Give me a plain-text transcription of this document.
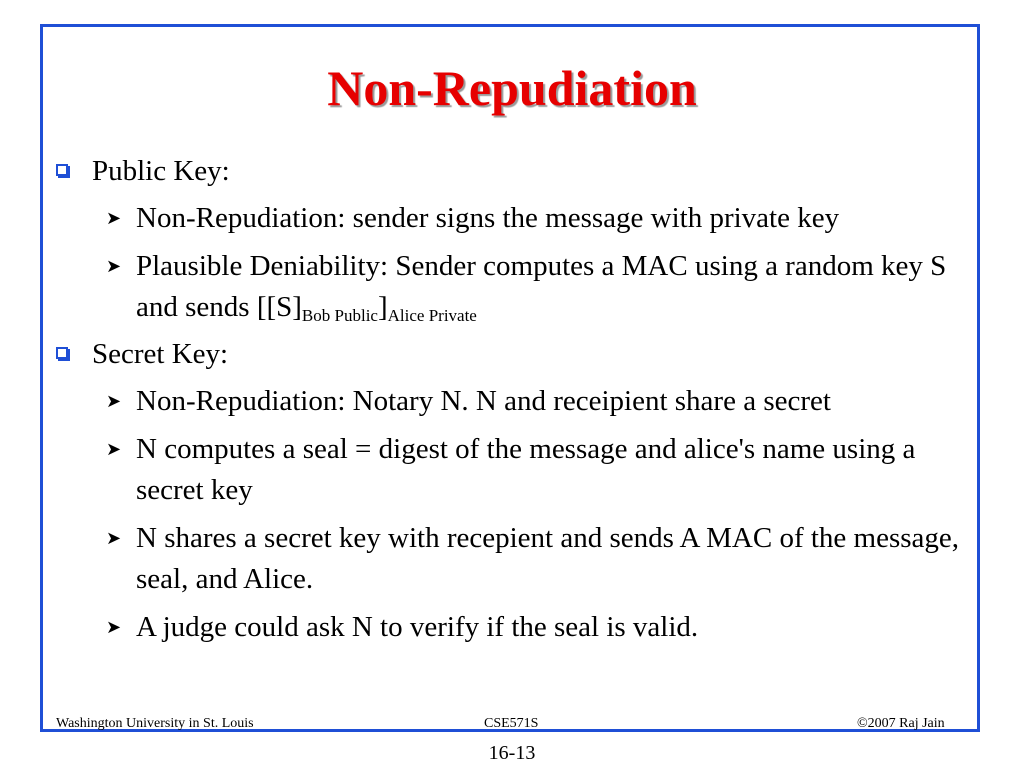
Non-Repudiation
Public Key:
➤ Non-Repudiation: sender signs the message with private key
➤ Plausible Deniability: Sender computes a MAC using a random key S and sends $[[S]_{Bob Public}]_{Alice Private}$
Secret Key:
➤ Non-Repudiation: Notary N. N and receipient share a secret
➤ N computes a seal = digest of the message and alice's name using a secret key
➤ N shares a secret key with recepient and sends A MAC of the message, seal, and Alice.
➤ A judge could ask N to verify if the seal is valid.
Washington University in St. Louis	CSE571S	©2007 Raj Jain
16-13
